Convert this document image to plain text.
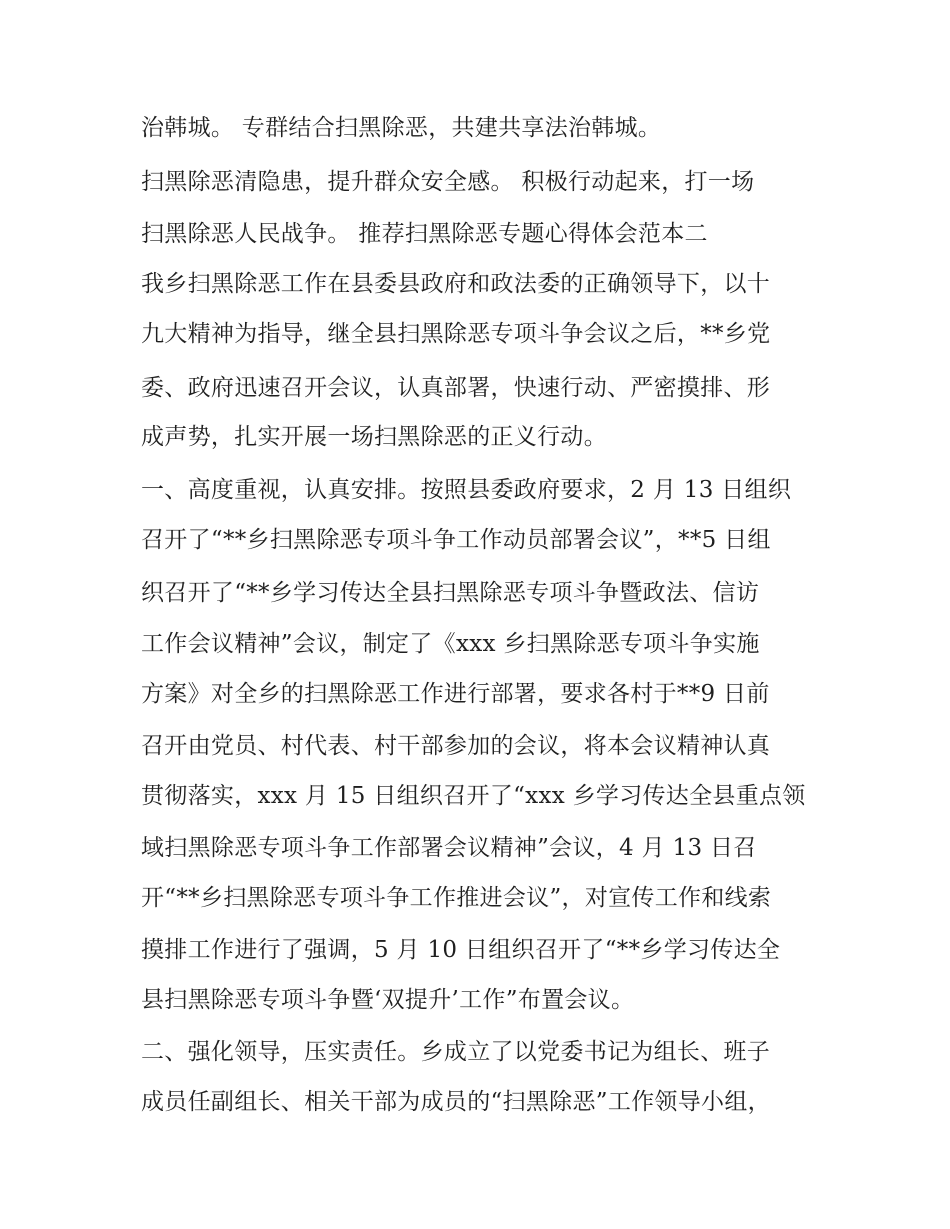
治韩城。 专群结合扫黑除恶，共建共享法治韩城。
扫黑除恶清隐患，提升群众安全感。 积极行动起来，打一场
扫黑除恶人民战争。 推荐扫黑除恶专题心得体会范本二
我乡扫黑除恶工作在县委县政府和政法委的正确领导下，以十
九大精神为指导，继全县扫黑除恶专项斗争会议之后，**乡党
委、政府迅速召开会议，认真部署，快速行动、严密摸排、形
成声势，扎实开展一场扫黑除恶的正义行动。
一、高度重视，认真安排。按照县委政府要求，2 月 13 日组织
召开了“**乡扫黑除恶专项斗争工作动员部署会议”，**5 日组
织召开了“**乡学习传达全县扫黑除恶专项斗争暨政法、信访
工作会议精神”会议，制定了《xxx 乡扫黑除恶专项斗争实施
方案》对全乡的扫黑除恶工作进行部署，要求各村于**9 日前
召开由党员、村代表、村干部参加的会议，将本会议精神认真
贯彻落实，xxx 月 15 日组织召开了“xxx 乡学习传达全县重点领
域扫黑除恶专项斗争工作部署会议精神”会议，4 月 13 日召
开“**乡扫黑除恶专项斗争工作推进会议”，对宣传工作和线索
摸排工作进行了强调，5 月 10 日组织召开了“**乡学习传达全
县扫黑除恶专项斗争暨‘双提升’工作”布置会议。
二、强化领导，压实责任。乡成立了以党委书记为组长、班子
成员任副组长、相关干部为成员的“扫黑除恶”工作领导小组，
